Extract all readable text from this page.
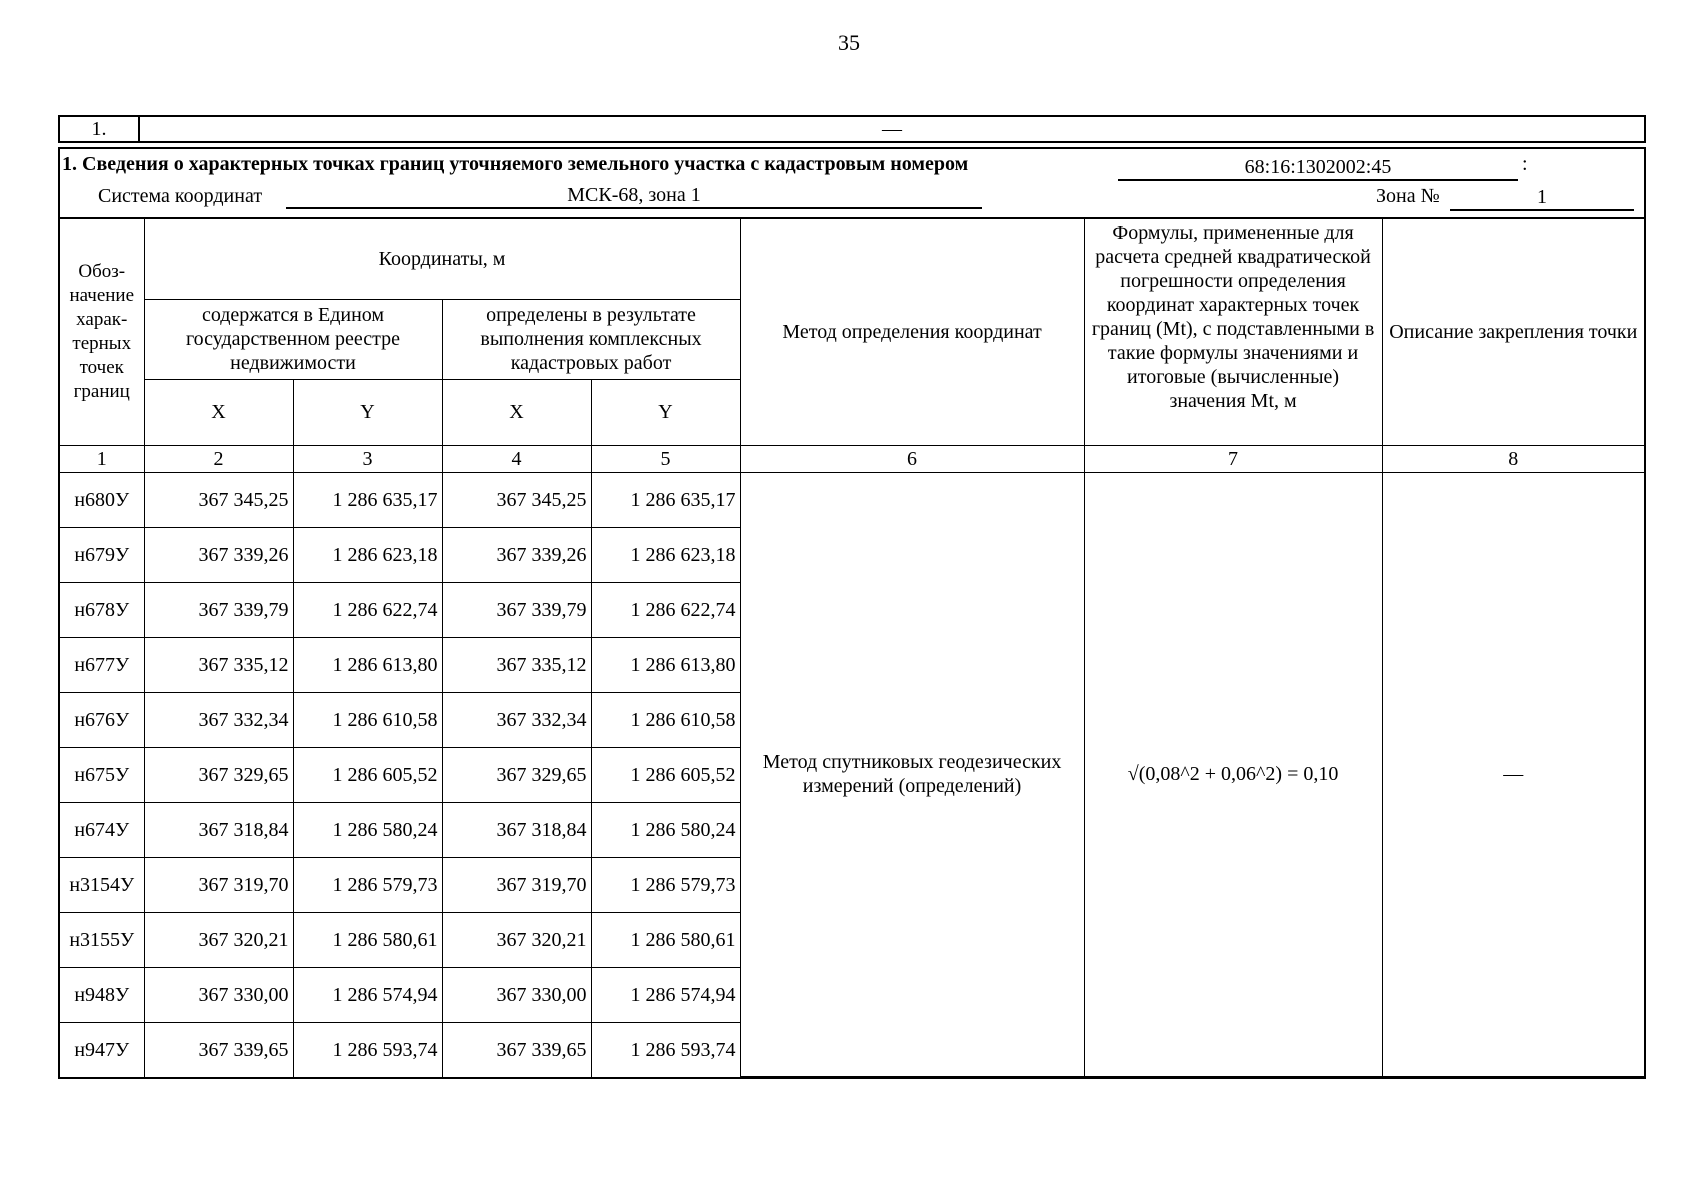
35
1.	—
1. Сведения о характерных точках границ уточняемого земельного участка с кадастровым номером	68:16:1302002:45	:
Система координат	МСК-68, зона 1	Зона №	1
Обоз-начение харак-терных точек границ	Координаты, м				Метод определения координат	Формулы, примененные для расчета средней квадратической погрешности определения координат характерных точек границ (Mt), с подставленными в такие формулы значениями и итоговые (вычисленные) значения Mt, м	Описание закрепления точки
	содержатся в Едином государственном реестре недвижимости		определены в результате выполнения комплексных кадастровых работ				
	X	Y	X	Y			
1	2	3	4	5	6	7	8
н680У	367 345,25	1 286 635,17	367 345,25	1 286 635,17	Метод спутниковых геодезических измерений (определений)	√(0,08^2 + 0,06^2) = 0,10	—
н679У	367 339,26	1 286 623,18	367 339,26	1 286 623,18			
н678У	367 339,79	1 286 622,74	367 339,79	1 286 622,74			
н677У	367 335,12	1 286 613,80	367 335,12	1 286 613,80			
н676У	367 332,34	1 286 610,58	367 332,34	1 286 610,58			
н675У	367 329,65	1 286 605,52	367 329,65	1 286 605,52			
н674У	367 318,84	1 286 580,24	367 318,84	1 286 580,24			
н3154У	367 319,70	1 286 579,73	367 319,70	1 286 579,73			
н3155У	367 320,21	1 286 580,61	367 320,21	1 286 580,61			
н948У	367 330,00	1 286 574,94	367 330,00	1 286 574,94			
н947У	367 339,65	1 286 593,74	367 339,65	1 286 593,74			
